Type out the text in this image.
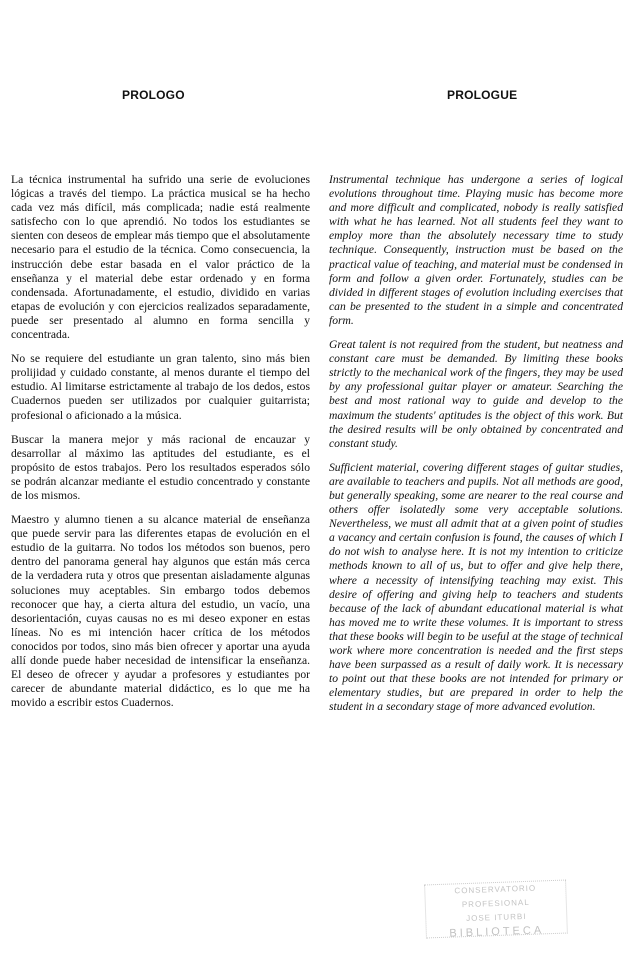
PROLOGO	PROLOGUE

La técnica instrumental ha sufrido una serie de evoluciones lógicas a través del tiempo. La práctica musical se ha hecho cada vez más difícil, más complicada; nadie está realmente satisfecho con lo que aprendió. No todos los estudiantes se sienten con deseos de emplear más tiempo que el absolutamente necesario para el estudio de la técnica. Como consecuencia, la instrucción debe estar basada en el valor práctico de la enseñanza y el material debe estar ordenado y en forma condensada. Afortunadamente, el estudio, dividido en varias etapas de evolución y con ejercicios realizados separadamente, puede ser presentado al alumno en forma sencilla y concentrada.

No se requiere del estudiante un gran talento, sino más bien prolijidad y cuidado constante, al menos durante el tiempo del estudio. Al limitarse estrictamente al trabajo de los dedos, estos Cuadernos pueden ser utilizados por cualquier guitarrista; profesional o aficionado a la música.

Buscar la manera mejor y más racional de encauzar y desarrollar al máximo las aptitudes del estudiante, es el propósito de estos trabajos. Pero los resultados esperados sólo se podrán alcanzar mediante el estudio concentrado y constante de los mismos.

Maestro y alumno tienen a su alcance material de enseñanza que puede servir para las diferentes etapas de evolución en el estudio de la guitarra. No todos los métodos son buenos, pero dentro del panorama general hay algunos que están más cerca de la verdadera ruta y otros que presentan aisladamente algunas soluciones muy aceptables. Sin embargo todos debemos reconocer que hay, a cierta altura del estudio, un vacío, una desorientación, cuyas causas no es mi deseo exponer en estas líneas. No es mi intención hacer crítica de los métodos conocidos por todos, sino más bien ofrecer y aportar una ayuda allí donde puede haber necesidad de intensificar la enseñanza. El deseo de ofrecer y ayudar a profesores y estudiantes por carecer de abundante material didáctico, es lo que me ha movido a escribir estos Cuadernos.

Instrumental technique has undergone a series of logical evolutions throughout time. Playing music has become more and more difficult and complicated, nobody is really satisfied with what he has learned. Not all students feel they want to employ more than the absolutely necessary time to study technique. Consequently, instruction must be based on the practical value of teaching, and material must be condensed in form and follow a given order. Fortunately, studies can be divided in different stages of evolution including exercises that can be presented to the student in a simple and concentrated form.

Great talent is not required from the student, but neatness and constant care must be demanded. By limiting these books strictly to the mechanical work of the fingers, they may be used by any professional guitar player or amateur. Searching the best and most rational way to guide and develop to the maximum the students' aptitudes is the object of this work. But the desired results will be only obtained by concentrated and constant study.

Sufficient material, covering different stages of guitar studies, are available to teachers and pupils. Not all methods are good, but generally speaking, some are nearer to the real course and others offer isolatedly some very acceptable solutions. Nevertheless, we must all admit that at a given point of studies a vacancy and certain confusion is found, the causes of which I do not wish to analyse here. It is not my intention to criticize methods known to all of us, but to offer and give help there, where a necessity of intensifying teaching may exist. This desire of offering and giving help to teachers and students because of the lack of abundant educational material is what has moved me to write these volumes. It is important to stress that these books will begin to be useful at the stage of technical work where more concentration is needed and the first steps have been surpassed as a result of daily work. It is necessary to point out that these books are not intended for primary or elementary studies, but are prepared in order to help the student in a secondary stage of more advanced evolution.

CONSERVATORIO PROFESIONAL
JOSE ITURBI
BIBLIOTECA
